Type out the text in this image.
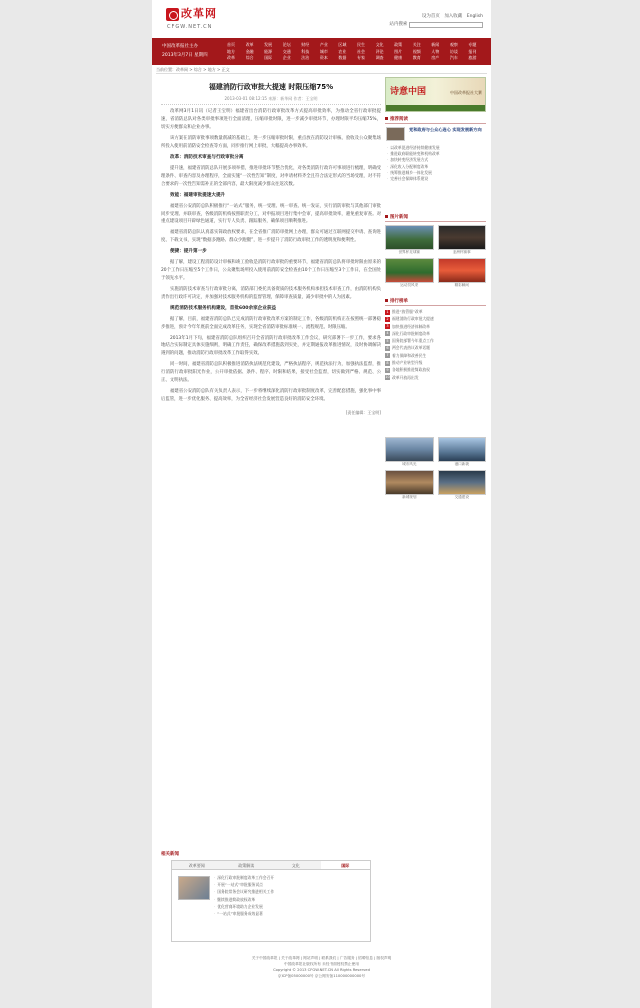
改革网
CFGW.NET.CN
设为首页 加入收藏 English
站内搜索
中国改革报社主办
2013年3月7日 星期四
首页	改革	发展	论坛	财经	产业	区域	民生	文化	政策	关注	新闻	观察	专题
地方	金融	能源	交通	科技	城市	农业	社会	评论	图片	视频	人物	访谈	报刊
改革	综合	国际	企业	法治	资本	数据	专家	调查	健康	教育	房产	汽车	旅游
当前位置：改革网 > 综合 > 地方 > 正文
福建消防行政审批大提速 时限压缩75%
2013-03-01 08:12:15 来源：新华网 作者：王宝明

改革网3月1日讯（记者王宝明）福建省出台消防行政审批改革方式提高审批效率，为推动全省行政审批提速，省消防总队对各类审批事项进行全面清理，压缩审批时限，进一步减少审批环节，办理时限平均压缩75%，切实方便群众和企业办事。

该方案在消防审批事项数量削减的基础上，进一步压缩审批时限，重点放在消防设计审核、验收及公众聚集场所投入使用前消防安全检查等方面，同步推行网上审批，大幅提高办事效率。

改革：消防技术审查与行政审批分离

提升速，福建省消防总队开展多项举措，推进审批环节整合优化，对各类消防行政许可事项进行梳理，明确受理条件、审查内容及办理程序，全面实施“一次性告知”制度，对申请材料齐全且符合法定形式的当场受理，对不符合要求的一次性告知需补正的全部内容，最大限度减少群众往返次数。

效能：福建审批提速大提升

福建省公安消防总队积极推行“一站式”服务，统一受理、统一审查、统一发证，实行消防审批与其他部门审批同步受理、并联审查，各级消防机构按照职责分工，对申报项目进行集中会审，提高审批效率，避免重复审查。对重点建设项目开辟绿色通道，实行专人负责、跟踪服务，确保项目顺利推进。

福建省消防总队认真落实简政放权要求，在全省推广消防审批网上办理，群众可通过互联网提交申请、查询进度、下载文书，实现“数据多跑路、群众少跑腿”，进一步提升了消防行政审批工作的透明度和便利性。

便捷：提升第一步

据了解，建设工程消防设计审核和竣工验收是消防行政审批的重要环节，福建省消防总队将审批时限由原来的20个工作日压缩至5个工作日，公众聚集场所投入使用前消防安全检查由10个工作日压缩至3个工作日，在全国处于领先水平。

实施消防技术审查与行政审批分离，消防部门委托具备资质的技术服务机构承担技术审查工作，由消防机构负责作出行政许可决定，并加强对技术服务机构的监督管理，保障审查质量，减少审批中的人为因素。

规范消防技术服务机构建设，首批600余家企业获益

据了解，目前，福建省消防总队已完成消防行政审批改革方案的制定工作，各级消防机构正在按照统一部署稳步推进，预计今年年底前全面完成改革任务，实现全省消防审批标准统一、流程规范、时限压缩。

2013年1月下旬，福建省消防总队组织召开全省消防行政审批改革工作会议，研究部署下一步工作，要求各地结合实际制定具体实施细则，明确工作责任，确保改革措施落到实处，并定期通报改革推进情况，及时协调解决遇到的问题，推动消防行政审批改革工作取得实效。

同一时间，福建省消防总队积极推进消防执法规范化建设，严格执法程序，规范执法行为，加强执法监督，推行消防行政审批阳光作业，公开审批依据、条件、程序、时限和结果，接受社会监督，切实做到严格、规范、公正、文明执法。

福建省公安消防总队有关负责人表示，下一步将继续深化消防行政审批制度改革，完善配套措施，强化事中事后监管，进一步优化服务、提高效率，为全省经济社会发展营造良好的消防安全环境。

[责任编辑：王宝明]
诗意中国	中国改革报社大赛
推荐阅读
党和政府与公众心连心 实现发展新方向
· 以改革促进经济持续健康发展
· 推进政府职能转变和机构改革
· 加快转变经济发展方式
· 深化收入分配制度改革
· 统筹推进城乡一体化发展
· 完善社会保障体系建设
图片新闻
世界杯足球赛	亚洲杯赛事
运动员风采	精彩瞬间
排行榜单
1 推进“放管服”改革
2 福建消防行政审批大提速
3 加快推进经济体制改革
4 深化行政审批制度改革
5 国务院部署今年重点工作
6 两会代表热议改革话题
7 着力保障和改善民生
8 推动产业转型升级
9 各地积极推进简政放权
10 改革开放再出发
城市风光	港口新貌
新城规划	交通建设
相关新闻
改革要闻	政策解读	文化	国际
· 深化行政审批制度改革工作会召开
· 开展“一站式”审批服务试点
· 国务院常务会议研究推进相关工作
· 继续推进简政放权改革
· 优化营商环境助力企业发展
· “一站式”审批服务成效显著
关于中国改革报 | 关于改革网 | 网站声明 | 联系我们 | 广告服务 | 招聘信息 | 版权声明
中国改革报社版权所有 未经书面授权禁止使用
Copyright © 2013 CFGW.NET.CN All Rights Reserved
京ICP备05000000号 京公网安备110000000000号
